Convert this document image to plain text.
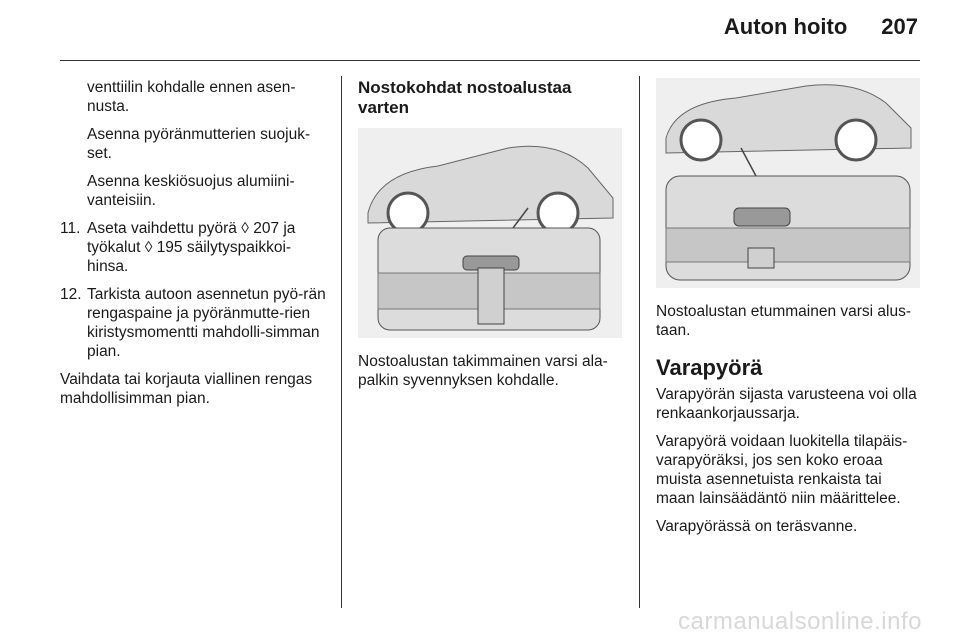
Auton hoito 207

venttiilin kohdalle ennen asen-nusta.

Asenna pyöränmutterien suojuk-set.

Asenna keskiösuojus alumiini-vanteisiin.

11. Aseta vaihdettu pyörä ◊ 207 ja työkalut ◊ 195 säilytyspaikkoi-hinsa.
12. Tarkista autoon asennetun pyö-rän rengaspaine ja pyöränmutte-rien kiristysmomentti mahdolli-simman pian.

Vaihdata tai korjauta viallinen rengas mahdollisimman pian.

Nostokohdat nostoalustaa varten

Nostoalustan takimmainen varsi ala-palkin syvennyksen kohdalle.

Nostoalustan etummainen varsi alus-taan.

Varapyörä

Varapyörän sijasta varusteena voi olla renkaankorjaussarja.

Varapyörä voidaan luokitella tilapäis-varapyöräksi, jos sen koko eroaa muista asennetuista renkaista tai maan lainsäädäntö niin määrittelee.

Varapyörässä on teräsvanne.

carmanualsonline.info
